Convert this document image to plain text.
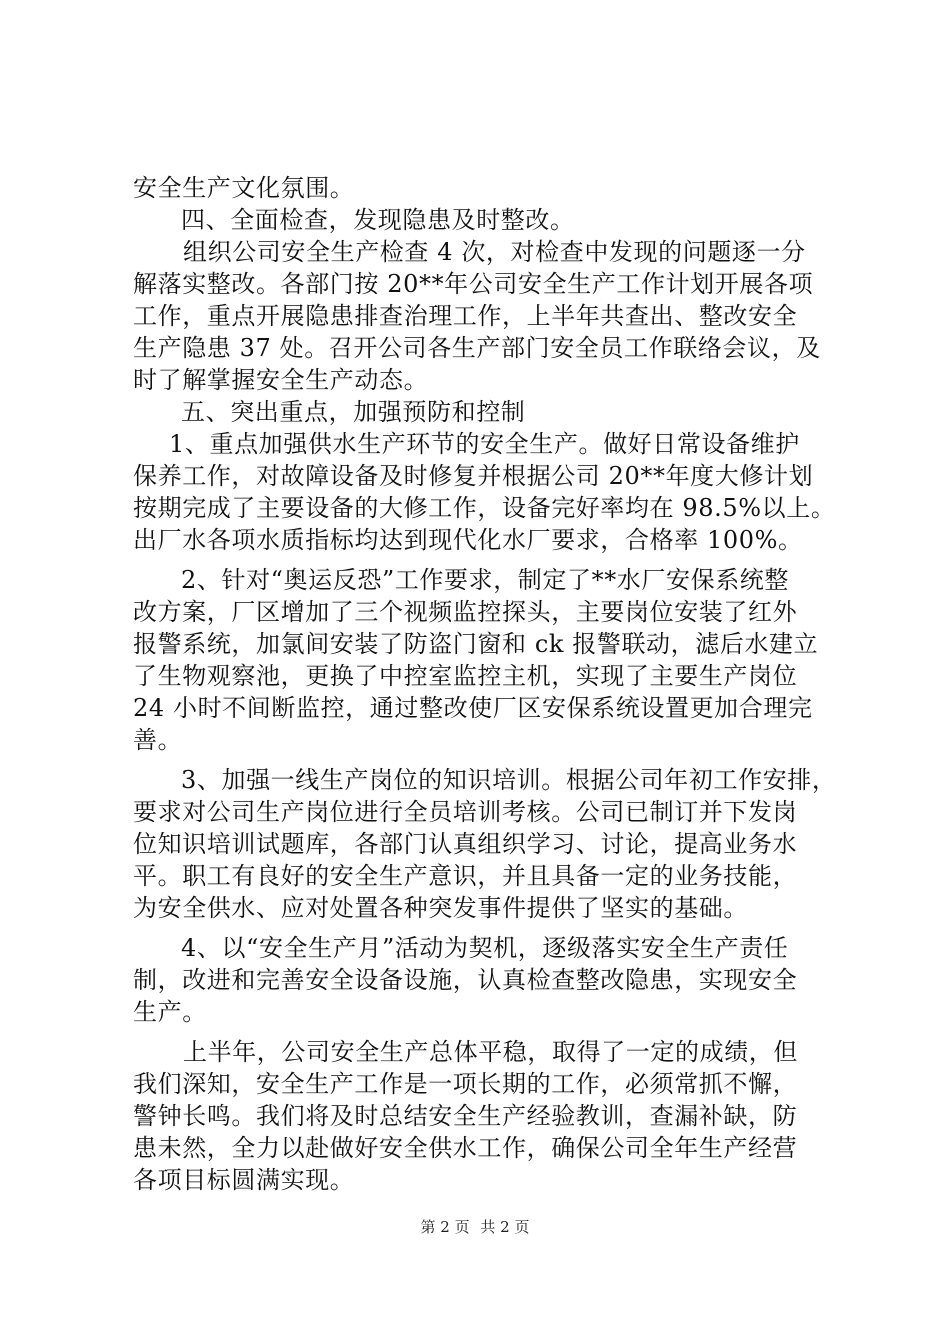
安全生产文化氛围。
四、全面检查，发现隐患及时整改。
组织公司安全生产检查 4 次，对检查中发现的问题逐一分
解落实整改。各部门按 20**年公司安全生产工作计划开展各项
工作，重点开展隐患排查治理工作，上半年共查出、整改安全
生产隐患 37 处。召开公司各生产部门安全员工作联络会议，及
时了解掌握安全生产动态。
五、突出重点，加强预防和控制
1、重点加强供水生产环节的安全生产。做好日常设备维护
保养工作，对故障设备及时修复并根据公司 20**年度大修计划
按期完成了主要设备的大修工作，设备完好率均在 98.5%以上。
出厂水各项水质指标均达到现代化水厂要求，合格率 100%。
2、针对“奥运反恐”工作要求，制定了**水厂安保系统整
改方案，厂区增加了三个视频监控探头，主要岗位安装了红外
报警系统，加氯间安装了防盗门窗和 ck 报警联动，滤后水建立
了生物观察池，更换了中控室监控主机，实现了主要生产岗位
24 小时不间断监控，通过整改使厂区安保系统设置更加合理完
善。
3、加强一线生产岗位的知识培训。根据公司年初工作安排，
要求对公司生产岗位进行全员培训考核。公司已制订并下发岗
位知识培训试题库，各部门认真组织学习、讨论，提高业务水
平。职工有良好的安全生产意识，并且具备一定的业务技能，
为安全供水、应对处置各种突发事件提供了坚实的基础。
4、以“安全生产月”活动为契机，逐级落实安全生产责任
制，改进和完善安全设备设施，认真检查整改隐患，实现安全
生产。
上半年，公司安全生产总体平稳，取得了一定的成绩，但
我们深知，安全生产工作是一项长期的工作，必须常抓不懈，
警钟长鸣。我们将及时总结安全生产经验教训，查漏补缺，防
患未然，全力以赴做好安全供水工作，确保公司全年生产经营
各项目标圆满实现。
第 2 页 共 2 页
